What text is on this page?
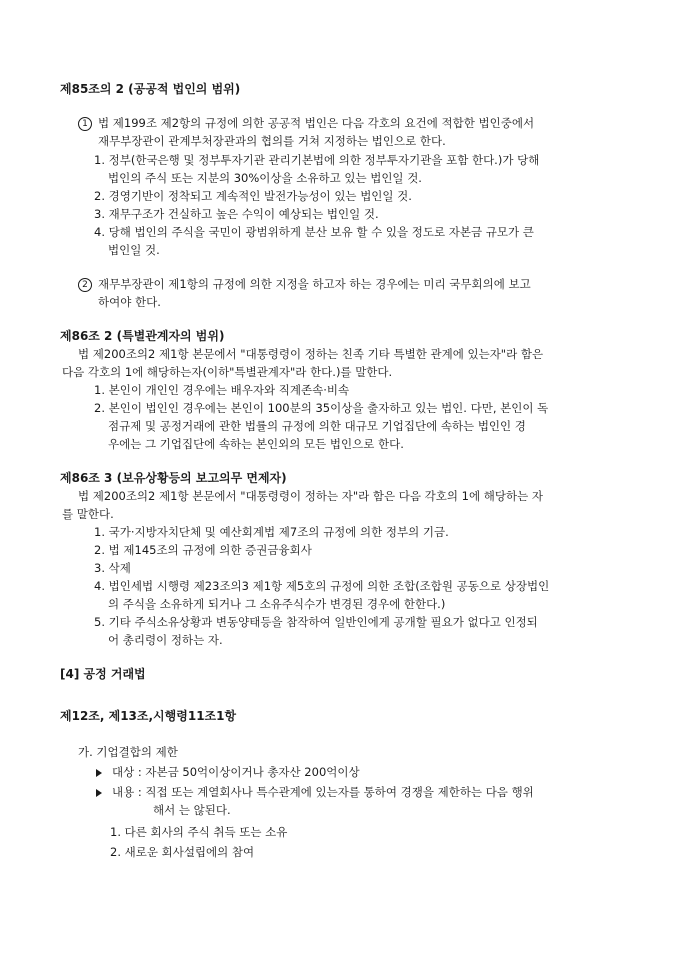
제85조의 2 (공공적 법인의 범위)
1 법 제199조 제2항의 규정에 의한 공공적 법인은 다음 각호의 요건에 적합한 법인중에서
재무부장관이 관계부처장관과의 협의를 거쳐 지정하는 법인으로 한다.
1. 정부(한국은행 및 정부투자기관 관리기본법에 의한 정부투자기관을 포함 한다.)가 당해
법인의 주식 또는 지분의 30%이상을 소유하고 있는 법인일 것.
2. 경영기반이 정착되고 계속적인 발전가능성이 있는 법인일 것.
3. 재무구조가 건실하고 높은 수익이 예상되는 법인일 것.
4. 당해 법인의 주식을 국민이 광범위하게 분산 보유 할 수 있을 정도로 자본금 규모가 큰
법인일 것.
2 재무부장관이 제1항의 규정에 의한 지정을 하고자 하는 경우에는 미리 국무회의에 보고
하여야 한다.
제86조 2 (특별관계자의 범위)
법 제200조의2 제1항 본문에서 "대통령령이 정하는 친족 기타 특별한 관계에 있는자"라 함은
다음 각호의 1에 해당하는자(이하"특별관계자"라 한다.)를 말한다.
1. 본인이 개인인 경우에는 배우자와 직계존속·비속
2. 본인이 법인인 경우에는 본인이 100분의 35이상을 출자하고 있는 법인. 다만, 본인이 독
점규제 및 공정거래에 관한 법률의 규정에 의한 대규모 기업집단에 속하는 법인인 경
우에는 그 기업집단에 속하는 본인외의 모든 법인으로 한다.
제86조 3 (보유상황등의 보고의무 면제자)
법 제200조의2 제1항 본문에서 "대통령령이 정하는 자"라 함은 다음 각호의 1에 해당하는 자
를 말한다.
1. 국가·지방자치단체 및 예산회계법 제7조의 규정에 의한 정부의 기금.
2. 법 제145조의 규정에 의한 증권금융회사
3. 삭제
4. 법인세법 시행령 제23조의3 제1항 제5호의 규정에 의한 조합(조합원 공동으로 상장법인
의 주식을 소유하게 되거나 그 소유주식수가 변경된 경우에 한한다.)
5. 기타 주식소유상황과 변동양태등을 참작하여 일반인에게 공개할 필요가 없다고 인정되
어 총리령이 정하는 자.
[4] 공정 거래법
제12조, 제13조,시행령11조1항
가. 기업결합의 제한
대상 : 자본금 50억이상이거나 총자산 200억이상
내용 : 직접 또는 계열회사나 특수관계에 있는자를 통하여 경쟁을 제한하는 다음 행위
해서 는 않된다.
1. 다른 회사의 주식 취득 또는 소유
2. 새로운 회사설립에의 참여
